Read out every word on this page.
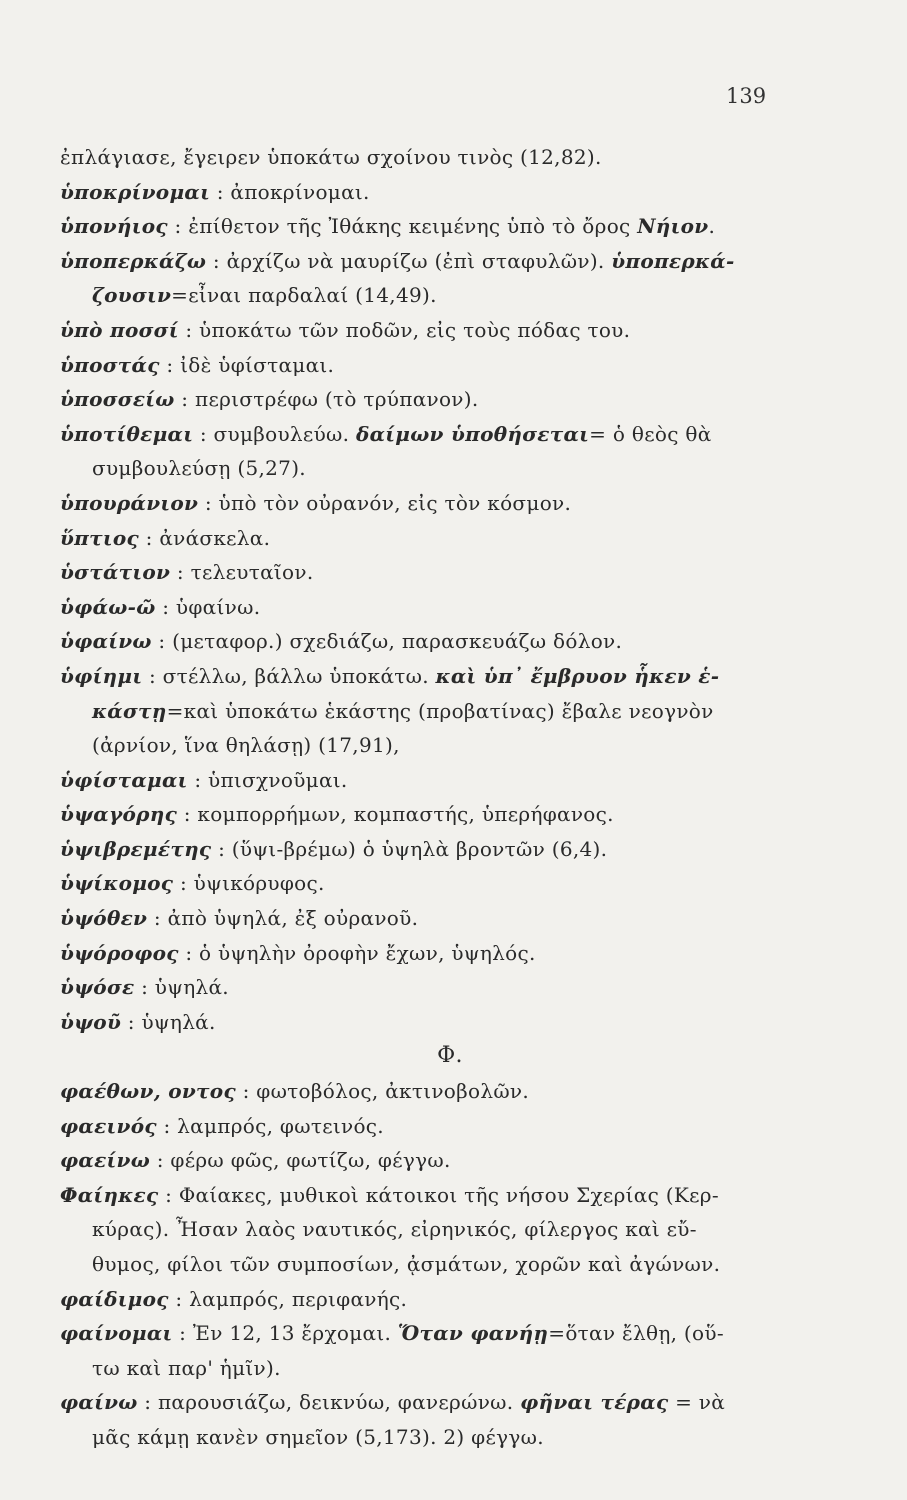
139
ἐπλάγιασε, ἔγειρεν ὑποκάτω σχοίνου τινὸς (12,82).
ὑποκρίνομαι : ἀποκρίνομαι.
ὑπονήιος : ἐπίθετον τῆς Ἰθάκης κειμένης ὑπὸ τὸ ὄρος Νήιον.
ὑποπερκάζω : ἀρχίζω νὰ μαυρίζω (ἐπὶ σταφυλῶν). ὑποπερκά-
ζουσιν=εἶναι παρδαλαί (14,49).
ὑπὸ ποσσί : ὑποκάτω τῶν ποδῶν, εἰς τοὺς πόδας του.
ὑποστάς : ἰδὲ ὑφίσταμαι.
ὑποσσείω : περιστρέφω (τὸ τρύπανον).
ὑποτίθεμαι : συμβουλεύω. δαίμων ὑποθήσεται= ὁ θεὸς θὰ
συμβουλεύσῃ (5,27).
ὑπουράνιον : ὑπὸ τὸν οὐρανόν, εἰς τὸν κόσμον.
ὕπτιος : ἀνάσκελα.
ὑστάτιον : τελευταῖον.
ὑφάω-ῶ : ὑφαίνω.
ὑφαίνω : (μεταφορ.) σχεδιάζω, παρασκευάζω δόλον.
ὑφίημι : στέλλω, βάλλω ὑποκάτω. καὶ ὑπ᾿ ἔμβρυον ἧκεν ἑ-
κάστῃ=καὶ ὑποκάτω ἑκάστης (προβατίνας) ἔβαλε νεογνὸν
(ἀρνίον, ἵνα θηλάσῃ) (17,91),
ὑφίσταμαι : ὑπισχνοῦμαι.
ὑψαγόρης : κομπορρήμων, κομπαστής, ὑπερήφανος.
ὑψιβρεμέτης : (ὕψι-βρέμω) ὁ ὑψηλὰ βροντῶν (6,4).
ὑψίκομος : ὑψικόρυφος.
ὑψόθεν : ἀπὸ ὑψηλά, ἐξ οὐρανοῦ.
ὑψόροφος : ὁ ὑψηλὴν ὀροφὴν ἔχων, ὑψηλός.
ὑψόσε : ὑψηλά.
ὑψοῦ : ὑψηλά.
Φ.
φαέθων, οντος : φωτοβόλος, ἀκτινοβολῶν.
φαεινός : λαμπρός, φωτεινός.
φαείνω : φέρω φῶς, φωτίζω, φέγγω.
Φαίηκες : Φαίακες, μυθικοὶ κάτοικοι τῆς νήσου Σχερίας (Κερ-
κύρας). Ἦσαν λαὸς ναυτικός, εἰρηνικός, φίλεργος καὶ εὔ-
θυμος, φίλοι τῶν συμποσίων, ᾀσμάτων, χορῶν καὶ ἀγώνων.
φαίδιμος : λαμπρός, περιφανής.
φαίνομαι : Ἐν 12, 13 ἔρχομαι. Ὅταν φανήῃ=ὅταν ἔλθῃ, (οὕ-
τω καὶ παρ' ἡμῖν).
φαίνω : παρουσιάζω, δεικνύω, φανερώνω. φῆναι τέρας = νὰ
μᾶς κάμῃ κανὲν σημεῖον (5,173). 2) φέγγω.
